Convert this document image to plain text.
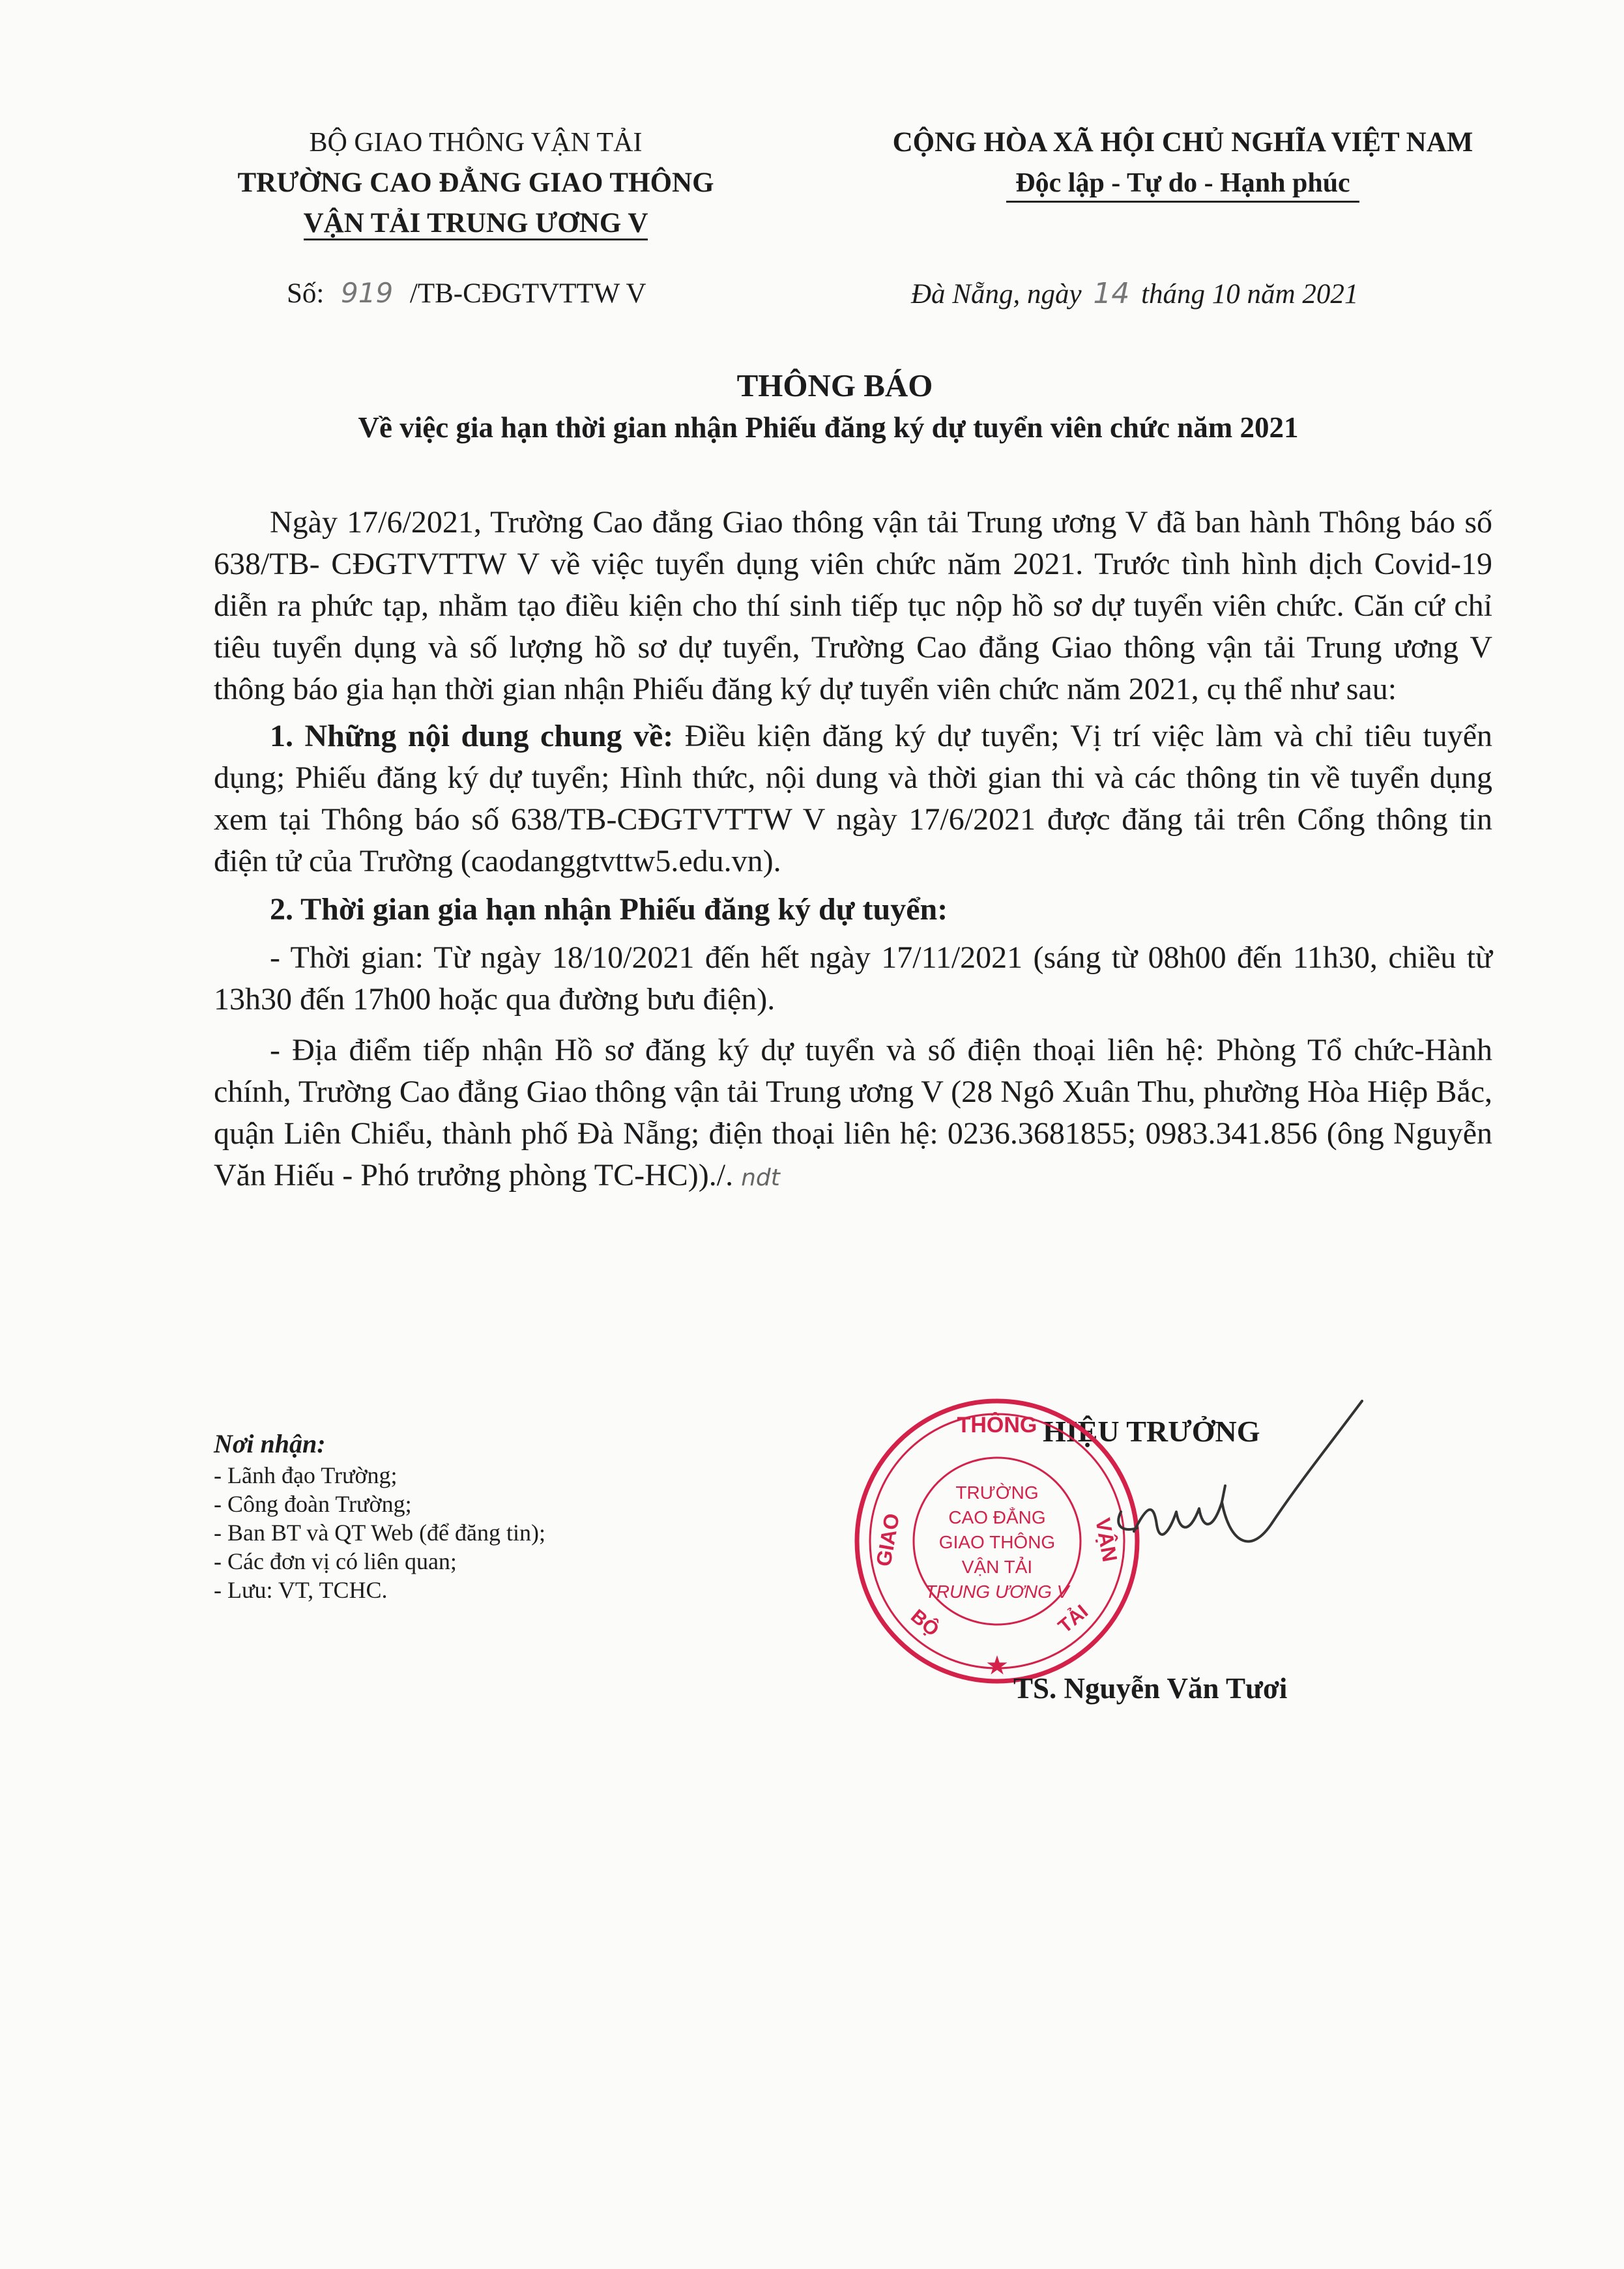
BỘ GIAO THÔNG VẬN TẢI
TRƯỜNG CAO ĐẲNG GIAO THÔNG
VẬN TẢI TRUNG ƯƠNG V
CỘNG HÒA XÃ HỘI CHỦ NGHĨA VIỆT NAM
Độc lập - Tự do - Hạnh phúc
Số: 919 /TB-CĐGTVTTW V	Đà Nẵng, ngày 14 tháng 10 năm 2021
THÔNG BÁO
Về việc gia hạn thời gian nhận Phiếu đăng ký dự tuyển viên chức năm 2021

Ngày 17/6/2021, Trường Cao đẳng Giao thông vận tải Trung ương V đã ban hành Thông báo số 638/TB- CĐGTVTTW V về việc tuyển dụng viên chức năm 2021. Trước tình hình dịch Covid-19 diễn ra phức tạp, nhằm tạo điều kiện cho thí sinh tiếp tục nộp hồ sơ dự tuyển viên chức. Căn cứ chỉ tiêu tuyển dụng và số lượng hồ sơ dự tuyển, Trường Cao đẳng Giao thông vận tải Trung ương V thông báo gia hạn thời gian nhận Phiếu đăng ký dự tuyển viên chức năm 2021, cụ thể như sau:

1. Những nội dung chung về: Điều kiện đăng ký dự tuyển; Vị trí việc làm và chỉ tiêu tuyển dụng; Phiếu đăng ký dự tuyển; Hình thức, nội dung và thời gian thi và các thông tin về tuyển dụng xem tại Thông báo số 638/TB-CĐGTVTTW V ngày 17/6/2021 được đăng tải trên Cổng thông tin điện tử của Trường (caodanggtvttw5.edu.vn).

2. Thời gian gia hạn nhận Phiếu đăng ký dự tuyển:

- Thời gian: Từ ngày 18/10/2021 đến hết ngày 17/11/2021 (sáng từ 08h00 đến 11h30, chiều từ 13h30 đến 17h00 hoặc qua đường bưu điện).

- Địa điểm tiếp nhận Hồ sơ đăng ký dự tuyển và số điện thoại liên hệ: Phòng Tổ chức-Hành chính, Trường Cao đẳng Giao thông vận tải Trung ương V (28 Ngô Xuân Thu, phường Hòa Hiệp Bắc, quận Liên Chiểu, thành phố Đà Nẵng; điện thoại liên hệ: 0236.3681855; 0983.341.856 (ông Nguyễn Văn Hiếu - Phó trưởng phòng TC-HC))./. ndt

Nơi nhận:
- Lãnh đạo Trường;
- Công đoàn Trường;
- Ban BT và QT Web (để đăng tin);
- Các đơn vị có liên quan;
- Lưu: VT, TCHC.
HIỆU TRƯỞNG
THÔNG
GIAO	VẬN
BỘ	TẢI
★
TRƯỜNG
CAO ĐẲNG
GIAO THÔNG
VẬN TẢI
TRUNG ƯƠNG V
TS. Nguyễn Văn Tươi
